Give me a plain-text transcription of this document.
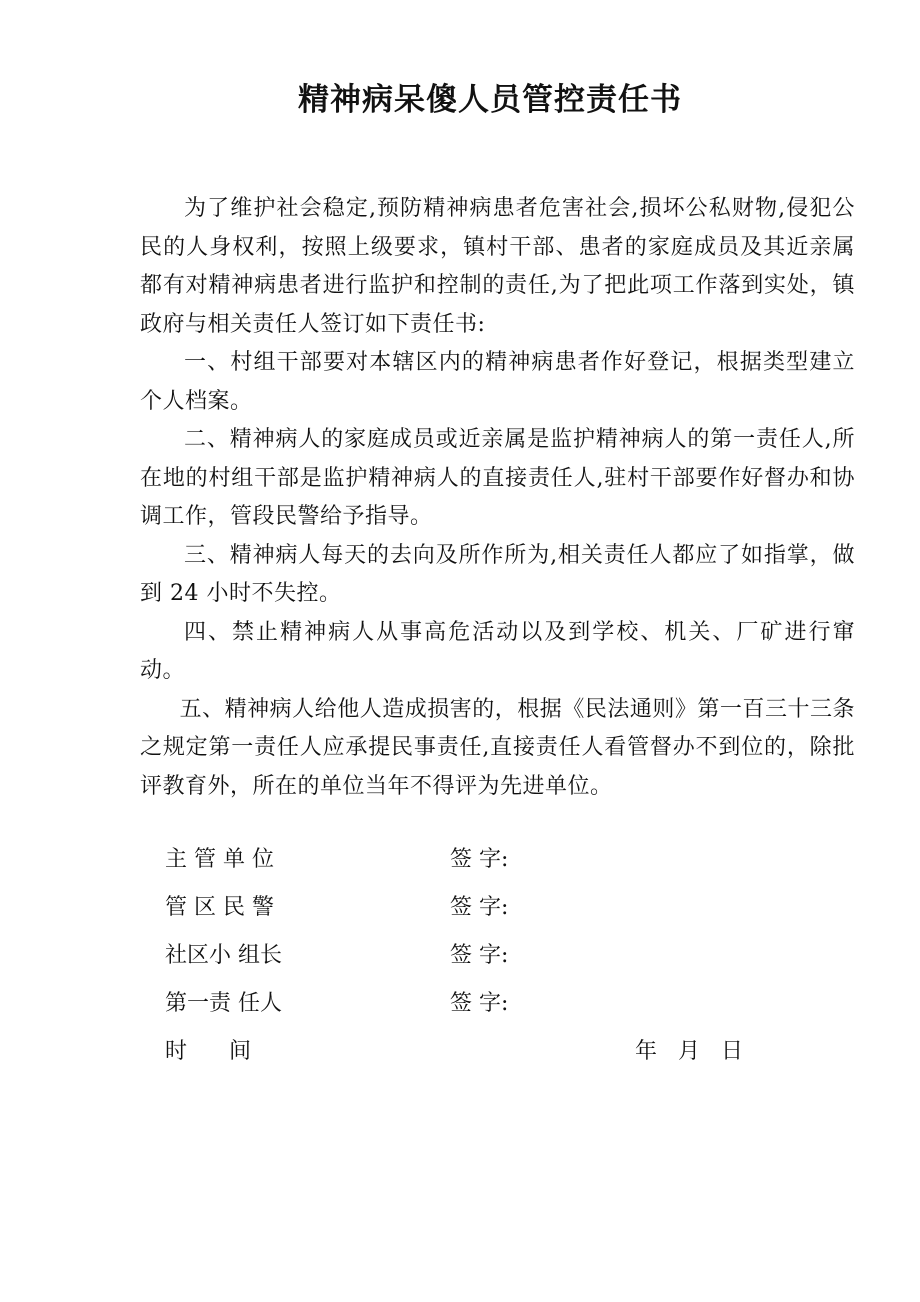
精神病呆傻人员管控责任书

为了维护社会稳定,预防精神病患者危害社会,损坏公私财物,侵犯公民的人身权利，按照上级要求，镇村干部、患者的家庭成员及其近亲属都有对精神病患者进行监护和控制的责任,为了把此项工作落到实处，镇政府与相关责任人签订如下责任书:

一、村组干部要对本辖区内的精神病患者作好登记，根据类型建立个人档案。

二、精神病人的家庭成员或近亲属是监护精神病人的第一责任人,所在地的村组干部是监护精神病人的直接责任人,驻村干部要作好督办和协调工作，管段民警给予指导。

三、精神病人每天的去向及所作所为,相关责任人都应了如指掌，做到 24 小时不失控。

四、禁止精神病人从事高危活动以及到学校、机关、厂矿进行窜动。

五、精神病人给他人造成损害的，根据《民法通则》第一百三十三条之规定第一责任人应承提民事责任,直接责任人看管督办不到位的，除批评教育外，所在的单位当年不得评为先进单位。

主 管 单 位	签 字:
管 区 民 警	签 字:
社区小 组长	签 字:
第一责 任人	签 字:
时      间	年   月   日
